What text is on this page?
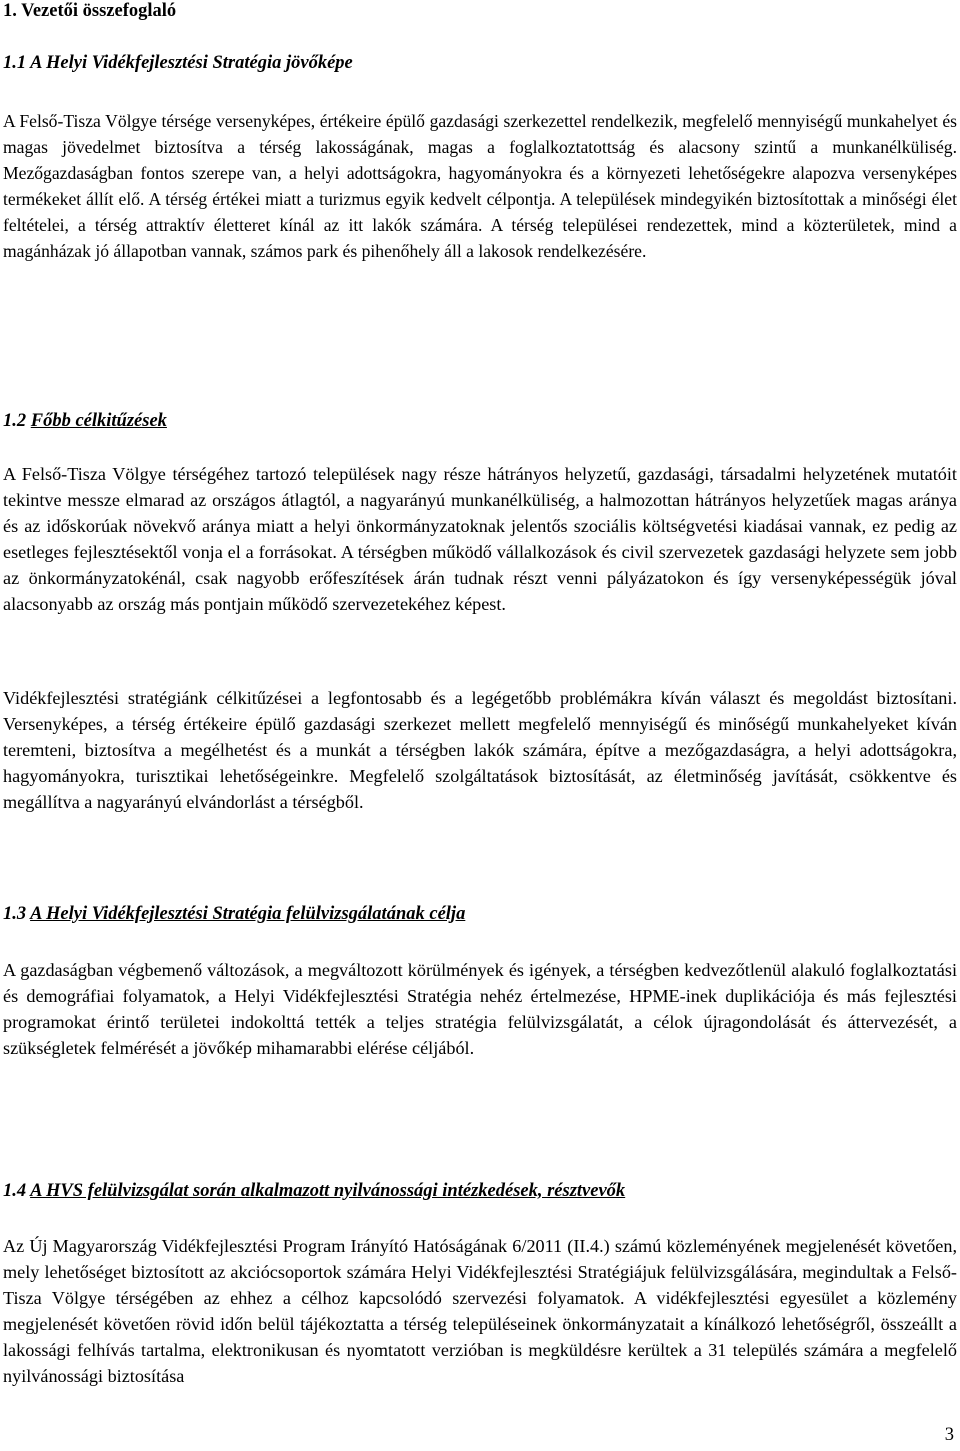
1. Vezetői összefoglaló
1.1 A Helyi Vidékfejlesztési Stratégia jövőképe

A Felső-Tisza Völgye térsége versenyképes, értékeire épülő gazdasági szerkezettel rendelkezik, megfelelő mennyiségű munkahelyet és magas jövedelmet biztosítva a térség lakosságának, magas a foglalkoztatottság és alacsony szintű a munkanélküliség. Mezőgazdaságban fontos szerepe van, a helyi adottságokra, hagyományokra és a környezeti lehetőségekre alapozva versenyképes termékeket állít elő. A térség értékei miatt a turizmus egyik kedvelt célpontja. A települések mindegyikén biztosítottak a minőségi élet feltételei, a térség attraktív életteret kínál az itt lakók számára. A térség települései rendezettek, mind a közterületek, mind a magánházak jó állapotban vannak, számos park és pihenőhely áll a lakosok rendelkezésére.

1.2 Főbb célkitűzések

A Felső-Tisza Völgye térségéhez tartozó települések nagy része hátrányos helyzetű, gazdasági, társadalmi helyzetének mutatóit tekintve messze elmarad az országos átlagtól, a nagyarányú munkanélküliség, a halmozottan hátrányos helyzetűek magas aránya és az időskorúak növekvő aránya miatt a helyi önkormányzatoknak jelentős szociális költségvetési kiadásai vannak, ez pedig az esetleges fejlesztésektől vonja el a forrásokat. A térségben működő vállalkozások és civil szervezetek gazdasági helyzete sem jobb az önkormányzatokénál, csak nagyobb erőfeszítések árán tudnak részt venni pályázatokon és így versenyképességük jóval alacsonyabb az ország más pontjain működő szervezetekéhez képest.

Vidékfejlesztési stratégiánk célkitűzései a legfontosabb és a legégetőbb problémákra kíván választ és megoldást biztosítani. Versenyképes, a térség értékeire épülő gazdasági szerkezet mellett megfelelő mennyiségű és minőségű munkahelyeket kíván teremteni, biztosítva a megélhetést és a munkát a térségben lakók számára, építve a mezőgazdaságra, a helyi adottságokra, hagyományokra, turisztikai lehetőségeinkre. Megfelelő szolgáltatások biztosítását, az életminőség javítását, csökkentve és megállítva a nagyarányú elvándorlást a térségből.

1.3 A Helyi Vidékfejlesztési Stratégia felülvizsgálatának célja

A gazdaságban végbemenő változások, a megváltozott körülmények és igények, a térségben kedvezőtlenül alakuló foglalkoztatási és demográfiai folyamatok, a Helyi Vidékfejlesztési Stratégia nehéz értelmezése, HPME-inek duplikációja és más fejlesztési programokat érintő területei indokolttá tették a teljes stratégia felülvizsgálatát, a célok újragondolását és áttervezését, a szükségletek felmérését a jövőkép mihamarabbi elérése céljából.

1.4 A HVS felülvizsgálat során alkalmazott nyilvánossági intézkedések, résztvevők

Az Új Magyarország Vidékfejlesztési Program Irányító Hatóságának 6/2011 (II.4.) számú közleményének megjelenését követően, mely lehetőséget biztosított az akciócsoportok számára Helyi Vidékfejlesztési Stratégiájuk felülvizsgálására, megindultak a Felső-Tisza Völgye térségében az ehhez a célhoz kapcsolódó szervezési folyamatok. A vidékfejlesztési egyesület a közlemény megjelenését követően rövid időn belül tájékoztatta a térség településeinek önkormányzatait a kínálkozó lehetőségről, összeállt a lakossági felhívás tartalma, elektronikusan és nyomtatott verzióban is megküldésre kerültek a 31 település számára a megfelelő nyilvánossági biztosítása

3
